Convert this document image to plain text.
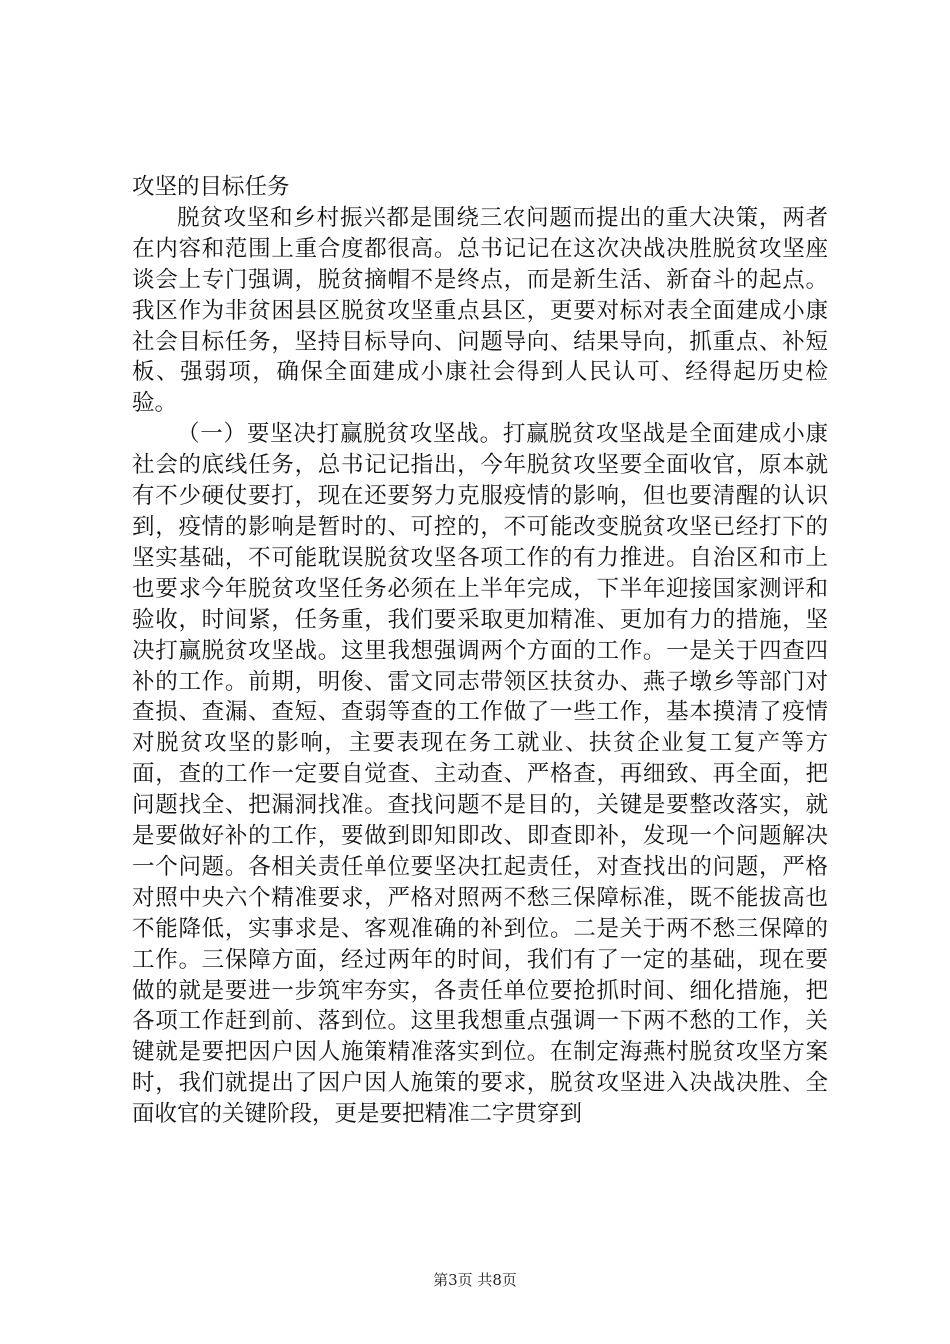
攻坚的目标任务

脱贫攻坚和乡村振兴都是围绕三农问题而提出的重大决策，两者在内容和范围上重合度都很高。总书记记在这次决战决胜脱贫攻坚座谈会上专门强调，脱贫摘帽不是终点，而是新生活、新奋斗的起点。我区作为非贫困县区脱贫攻坚重点县区，更要对标对表全面建成小康社会目标任务，坚持目标导向、问题导向、结果导向，抓重点、补短板、强弱项，确保全面建成小康社会得到人民认可、经得起历史检验。

（一）要坚决打赢脱贫攻坚战。打赢脱贫攻坚战是全面建成小康社会的底线任务，总书记记指出，今年脱贫攻坚要全面收官，原本就有不少硬仗要打，现在还要努力克服疫情的影响，但也要清醒的认识到，疫情的影响是暂时的、可控的，不可能改变脱贫攻坚已经打下的坚实基础，不可能耽误脱贫攻坚各项工作的有力推进。自治区和市上也要求今年脱贫攻坚任务必须在上半年完成，下半年迎接国家测评和验收，时间紧，任务重，我们要采取更加精准、更加有力的措施，坚决打赢脱贫攻坚战。这里我想强调两个方面的工作。一是关于四查四补的工作。前期，明俊、雷文同志带领区扶贫办、燕子墩乡等部门对查损、查漏、查短、查弱等查的工作做了一些工作，基本摸清了疫情对脱贫攻坚的影响，主要表现在务工就业、扶贫企业复工复产等方面，查的工作一定要自觉查、主动查、严格查，再细致、再全面，把问题找全、把漏洞找准。查找问题不是目的，关键是要整改落实，就是要做好补的工作，要做到即知即改、即查即补，发现一个问题解决一个问题。各相关责任单位要坚决扛起责任，对查找出的问题，严格对照中央六个精准要求，严格对照两不愁三保障标准，既不能拔高也不能降低，实事求是、客观准确的补到位。二是关于两不愁三保障的工作。三保障方面，经过两年的时间，我们有了一定的基础，现在要做的就是要进一步筑牢夯实，各责任单位要抢抓时间、细化措施，把各项工作赶到前、落到位。这里我想重点强调一下两不愁的工作，关键就是要把因户因人施策精准落实到位。在制定海燕村脱贫攻坚方案时，我们就提出了因户因人施策的要求，脱贫攻坚进入决战决胜、全面收官的关键阶段，更是要把精准二字贯穿到

第3页 共8页
